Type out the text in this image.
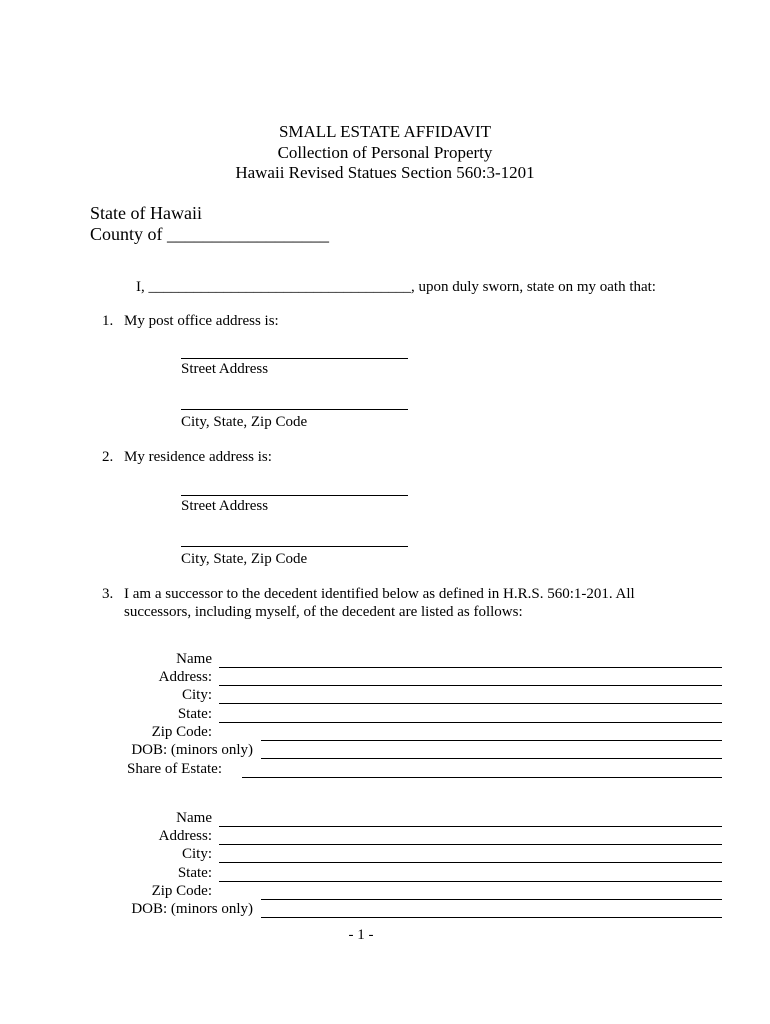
SMALL ESTATE AFFIDAVIT
Collection of Personal Property
Hawaii Revised Statues Section 560:3-1201
State of Hawaii
County of __________________
I, ___________________________________, upon duly sworn, state on my oath that:
1. My post office address is:
Street Address
City, State, Zip Code
2. My residence address is:
Street Address
City, State, Zip Code
3. I am a successor to the decedent identified below as defined in H.R.S. 560:1-201. All
successors, including myself, of the decedent are listed as follows:
Name
Address:
City:
State:
Zip Code:
DOB: (minors only)
Share of Estate:
Name
Address:
City:
State:
Zip Code:
DOB: (minors only)
- 1 -
